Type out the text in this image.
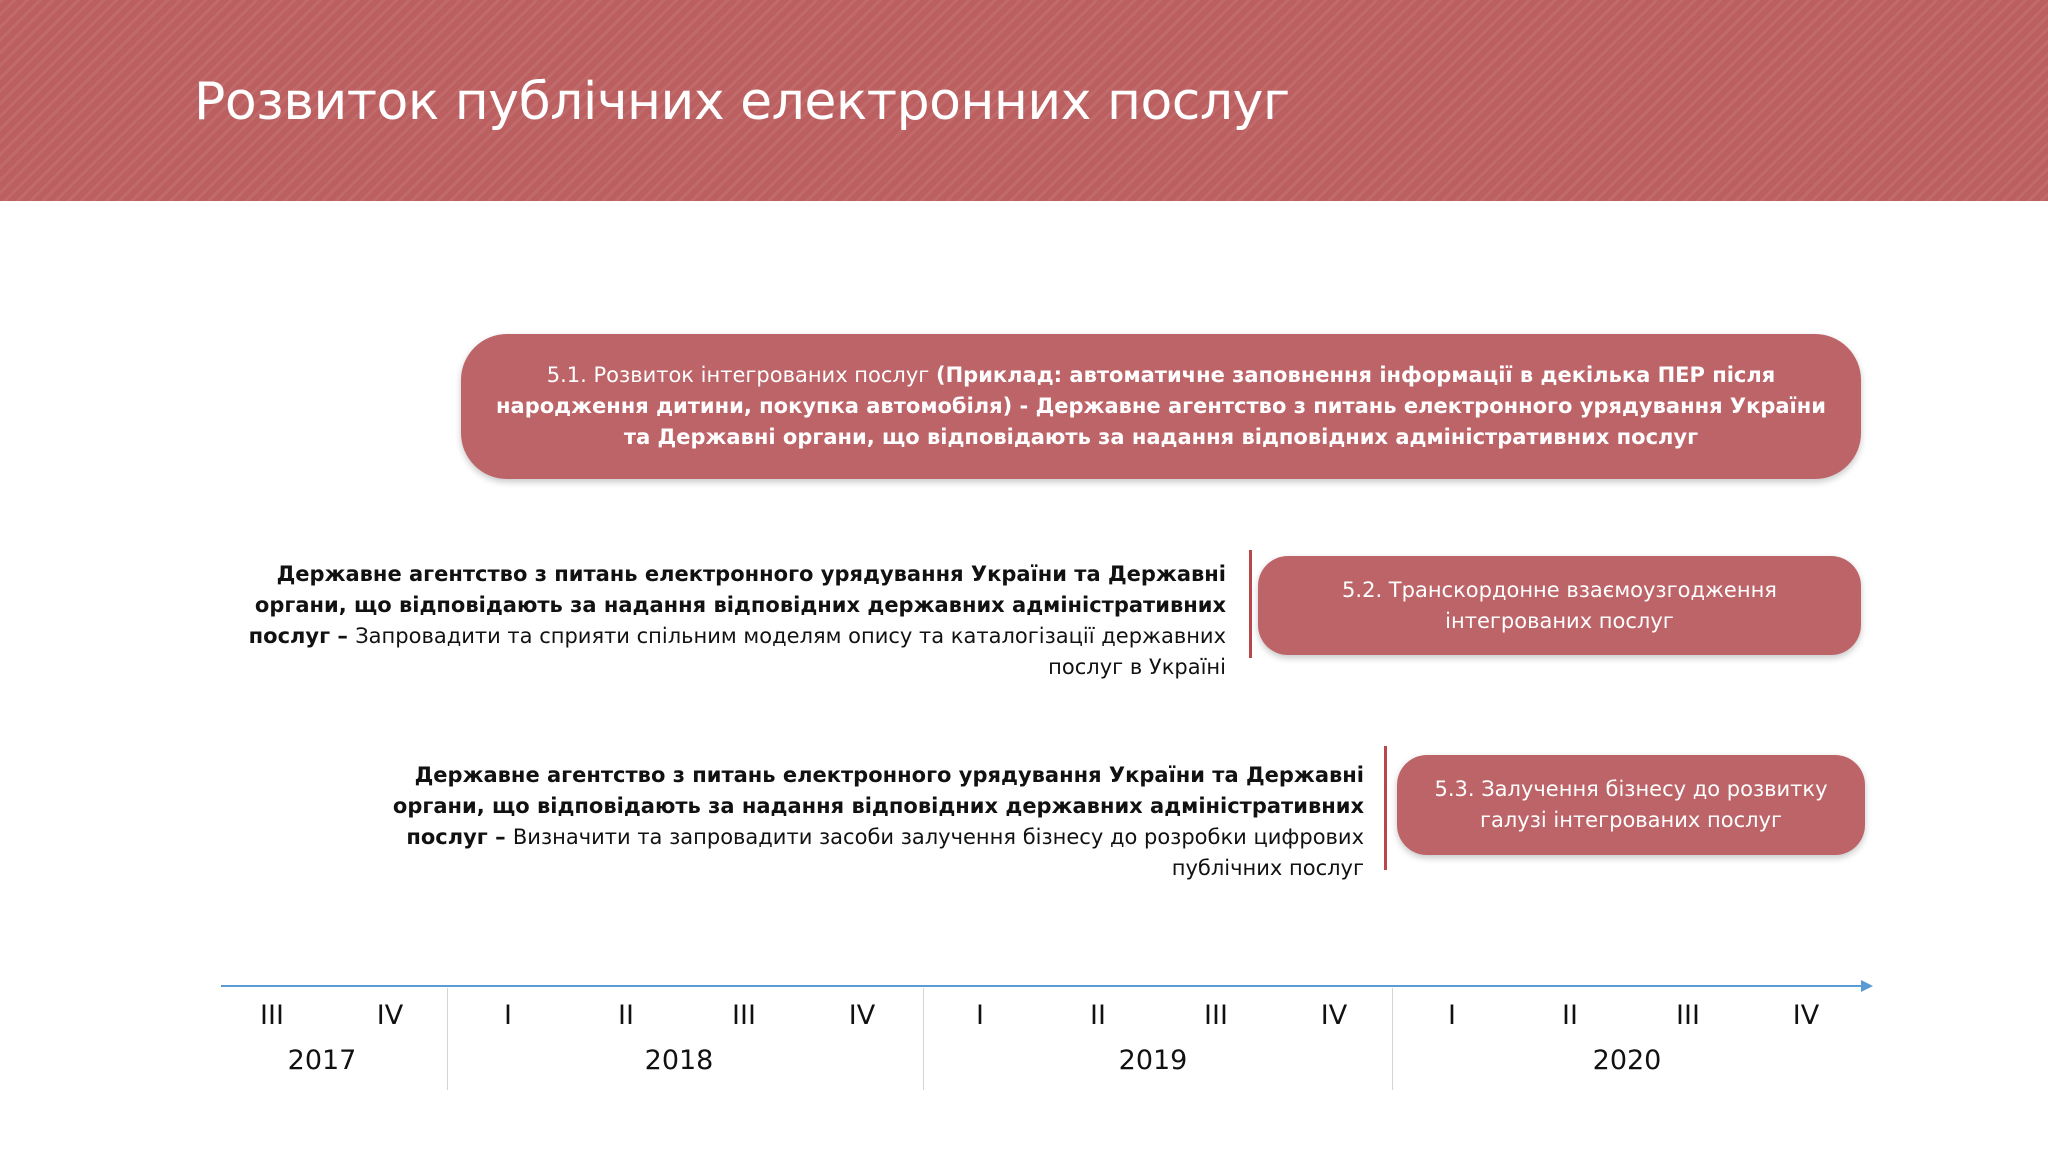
Розвиток публічних електронних послуг
5.1. Розвиток інтегрованих послуг (Приклад: автоматичне заповнення інформації в декілька ПЕР після народження дитини, покупка автомобіля) - Державне агентство з питань електронного урядування України та Державні органи, що відповідають за надання відповідних адміністративних послуг
Державне агентство з питань електронного урядування України та Державні органи, що відповідають за надання відповідних державних адміністративних послуг – Запровадити та сприяти спільним моделям опису та каталогізації державних послуг в Україні
5.2. Транскордонне взаємоузгодження інтегрованих послуг
Державне агентство з питань електронного урядування України та Державні органи, що відповідають за надання відповідних державних адміністративних послуг – Визначити та запровадити засоби залучення бізнесу до розробки цифрових публічних послуг
5.3. Залучення бізнесу до розвитку галузі інтегрованих послуг
III	IV	I	II	III	IV	I	II	III	IV	I	II	III	IV
2017	2018	2019	2020
